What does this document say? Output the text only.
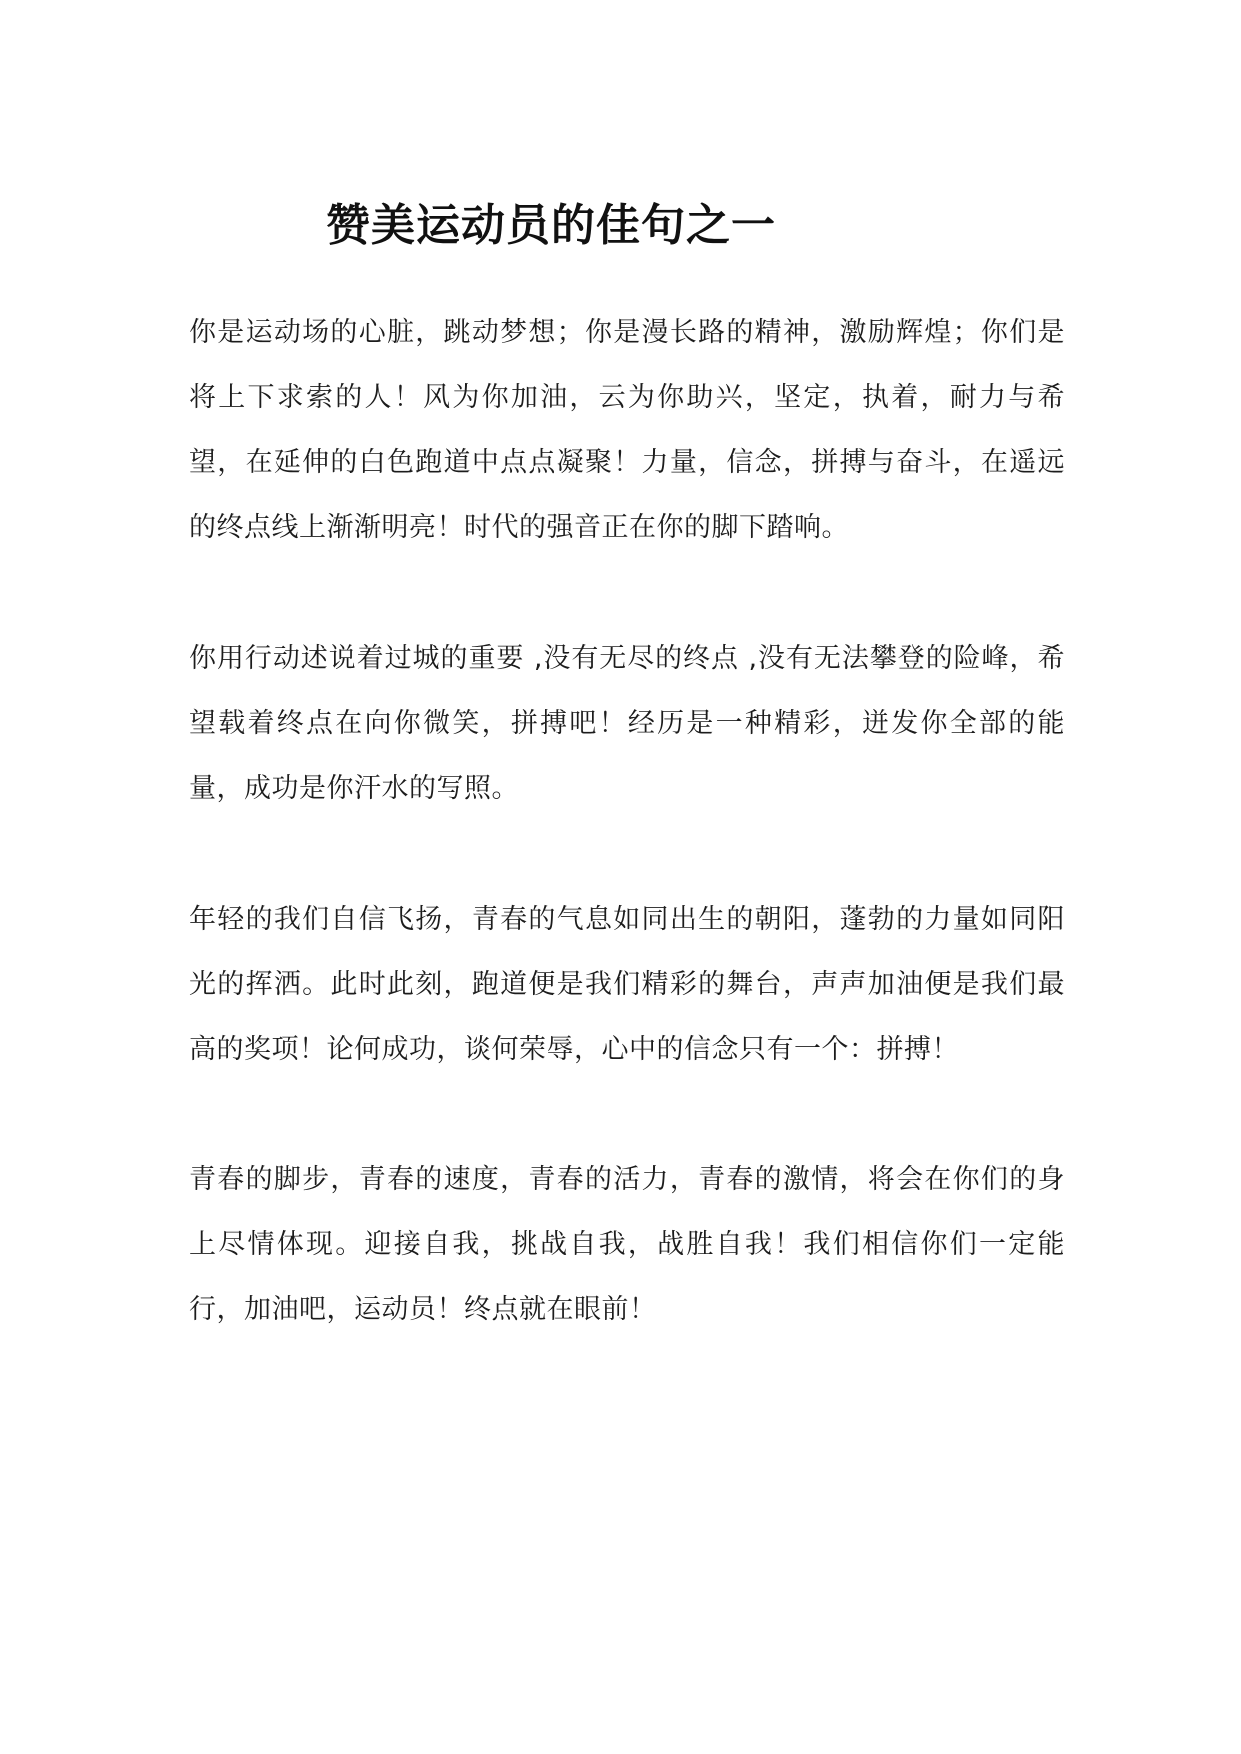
赞美运动员的佳句之一

你是运动场的心脏，跳动梦想；你是漫长路的精神，激励辉煌；你们是将上下求索的人！风为你加油，云为你助兴，坚定，执着，耐力与希望，在延伸的白色跑道中点点凝聚！力量，信念，拼搏与奋斗，在遥远的终点线上渐渐明亮！时代的强音正在你的脚下踏响。

你用行动述说着过城的重要 ,没有无尽的终点 ,没有无法攀登的险峰，希望载着终点在向你微笑，拼搏吧！经历是一种精彩，迸发你全部的能量，成功是你汗水的写照。

年轻的我们自信飞扬，青春的气息如同出生的朝阳，蓬勃的力量如同阳光的挥洒。此时此刻，跑道便是我们精彩的舞台，声声加油便是我们最高的奖项！论何成功，谈何荣辱，心中的信念只有一个：拼搏！

青春的脚步，青春的速度，青春的活力，青春的激情，将会在你们的身上尽情体现。迎接自我，挑战自我，战胜自我！我们相信你们一定能行，加油吧，运动员！终点就在眼前！
